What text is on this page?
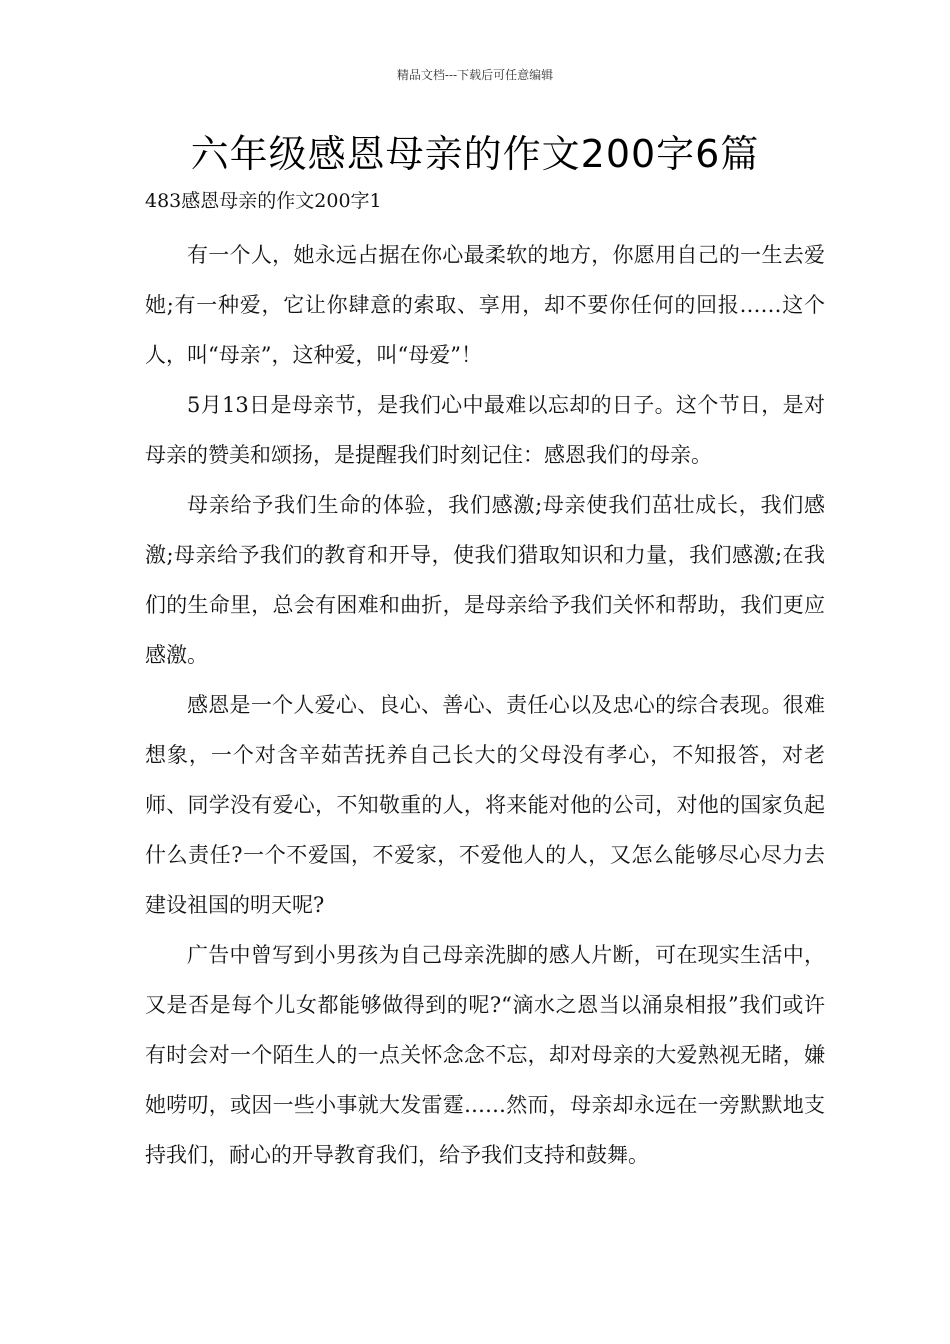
精品文档---下载后可任意编辑
六年级感恩母亲的作文200字6篇
483感恩母亲的作文200字1

有一个人，她永远占据在你心最柔软的地方，你愿用自己的一生去爱她;有一种爱，它让你肆意的索取、享用，却不要你任何的回报……这个人，叫“母亲”，这种爱，叫“母爱”！

5月13日是母亲节，是我们心中最难以忘却的日子。这个节日，是对母亲的赞美和颂扬，是提醒我们时刻记住：感恩我们的母亲。

母亲给予我们生命的体验，我们感激;母亲使我们茁壮成长，我们感激;母亲给予我们的教育和开导，使我们猎取知识和力量，我们感激;在我们的生命里，总会有困难和曲折，是母亲给予我们关怀和帮助，我们更应感激。

感恩是一个人爱心、良心、善心、责任心以及忠心的综合表现。很难想象，一个对含辛茹苦抚养自己长大的父母没有孝心，不知报答，对老师、同学没有爱心，不知敬重的人，将来能对他的公司，对他的国家负起什么责任?一个不爱国，不爱家，不爱他人的人，又怎么能够尽心尽力去建设祖国的明天呢?

广告中曾写到小男孩为自己母亲洗脚的感人片断，可在现实生活中，又是否是每个儿女都能够做得到的呢?“滴水之恩当以涌泉相报”我们或许有时会对一个陌生人的一点关怀念念不忘，却对母亲的大爱熟视无睹，嫌她唠叨，或因一些小事就大发雷霆……然而，母亲却永远在一旁默默地支持我们，耐心的开导教育我们，给予我们支持和鼓舞。
